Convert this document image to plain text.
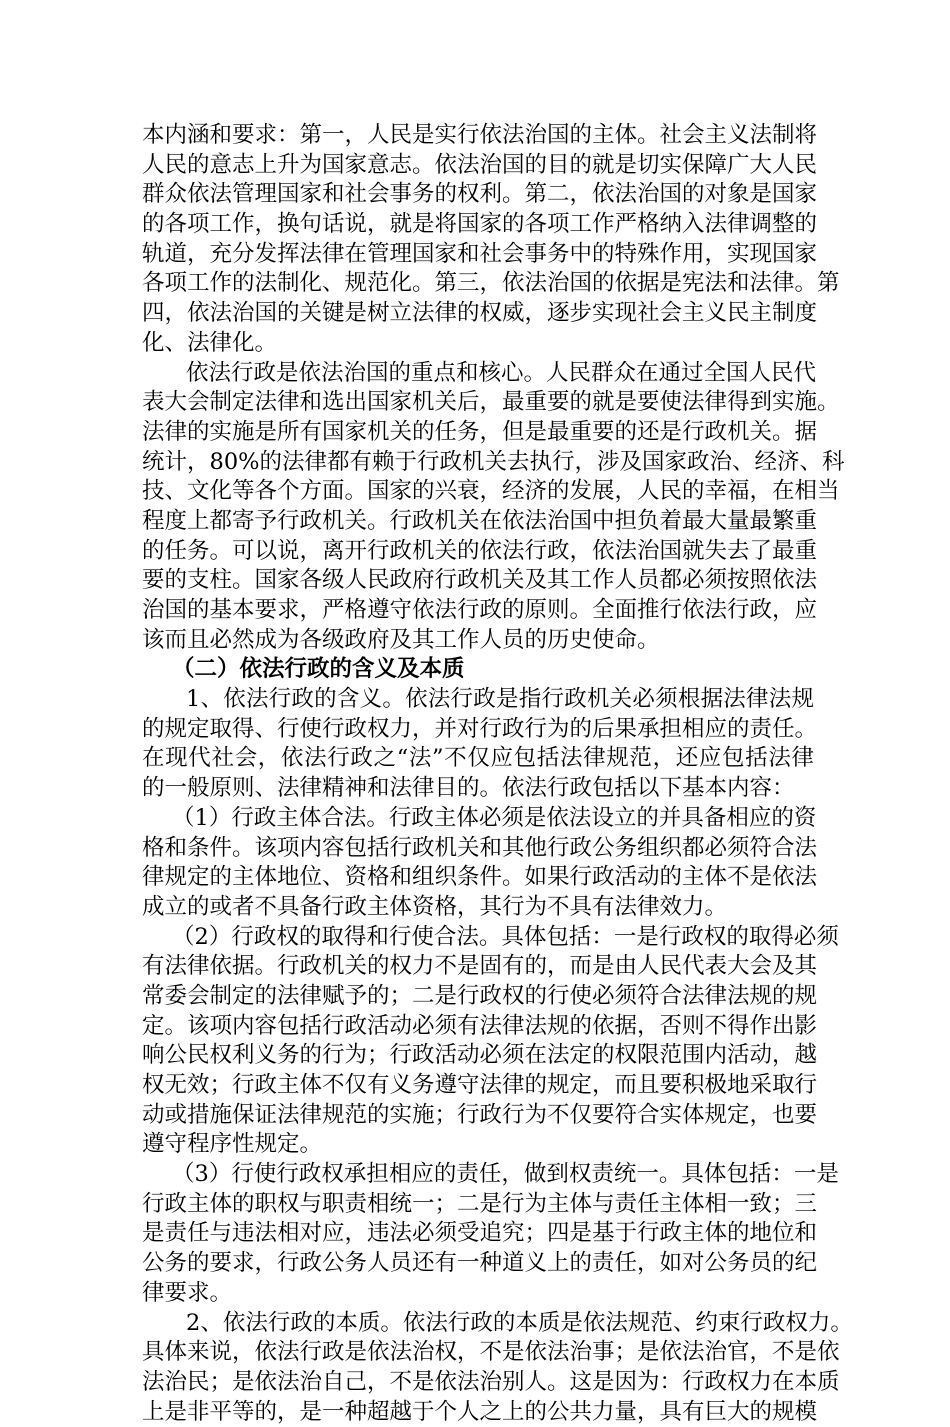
本内涵和要求：第一，人民是实行依法治国的主体。社会主义法制将
人民的意志上升为国家意志。依法治国的目的就是切实保障广大人民
群众依法管理国家和社会事务的权利。第二，依法治国的对象是国家
的各项工作，换句话说，就是将国家的各项工作严格纳入法律调整的
轨道，充分发挥法律在管理国家和社会事务中的特殊作用，实现国家
各项工作的法制化、规范化。第三，依法治国的依据是宪法和法律。第
四，依法治国的关键是树立法律的权威，逐步实现社会主义民主制度
化、法律化。
依法行政是依法治国的重点和核心。人民群众在通过全国人民代
表大会制定法律和选出国家机关后，最重要的就是要使法律得到实施。
法律的实施是所有国家机关的任务，但是最重要的还是行政机关。据
统计，80%的法律都有赖于行政机关去执行，涉及国家政治、经济、科
技、文化等各个方面。国家的兴衰，经济的发展，人民的幸福，在相当
程度上都寄予行政机关。行政机关在依法治国中担负着最大量最繁重
的任务。可以说，离开行政机关的依法行政，依法治国就失去了最重
要的支柱。国家各级人民政府行政机关及其工作人员都必须按照依法
治国的基本要求，严格遵守依法行政的原则。全面推行依法行政，应
该而且必然成为各级政府及其工作人员的历史使命。
（二）依法行政的含义及本质
1、依法行政的含义。依法行政是指行政机关必须根据法律法规
的规定取得、行使行政权力，并对行政行为的后果承担相应的责任。
在现代社会，依法行政之“法”不仅应包括法律规范，还应包括法律
的一般原则、法律精神和法律目的。依法行政包括以下基本内容：
（1）行政主体合法。行政主体必须是依法设立的并具备相应的资
格和条件。该项内容包括行政机关和其他行政公务组织都必须符合法
律规定的主体地位、资格和组织条件。如果行政活动的主体不是依法
成立的或者不具备行政主体资格，其行为不具有法律效力。
（2）行政权的取得和行使合法。具体包括：一是行政权的取得必须
有法律依据。行政机关的权力不是固有的，而是由人民代表大会及其
常委会制定的法律赋予的；二是行政权的行使必须符合法律法规的规
定。该项内容包括行政活动必须有法律法规的依据，否则不得作出影
响公民权利义务的行为；行政活动必须在法定的权限范围内活动，越
权无效；行政主体不仅有义务遵守法律的规定，而且要积极地采取行
动或措施保证法律规范的实施；行政行为不仅要符合实体规定，也要
遵守程序性规定。
（3）行使行政权承担相应的责任，做到权责统一。具体包括：一是
行政主体的职权与职责相统一；二是行为主体与责任主体相一致；三
是责任与违法相对应，违法必须受追究；四是基于行政主体的地位和
公务的要求，行政公务人员还有一种道义上的责任，如对公务员的纪
律要求。
2、依法行政的本质。依法行政的本质是依法规范、约束行政权力。
具体来说，依法行政是依法治权，不是依法治事；是依法治官，不是依
法治民；是依法治自己，不是依法治别人。这是因为：行政权力在本质
上是非平等的，是一种超越于个人之上的公共力量，具有巨大的规模
